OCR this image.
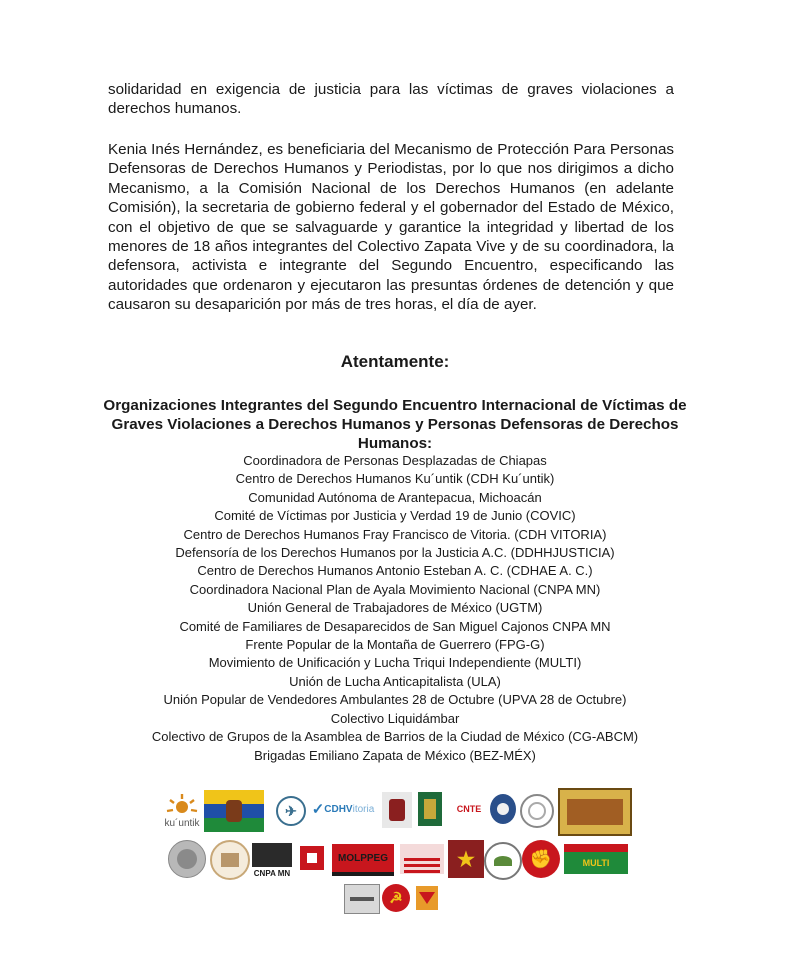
solidaridad en exigencia de justicia para las víctimas de graves violaciones a derechos humanos.

Kenia Inés Hernández, es beneficiaria del Mecanismo de Protección Para Personas Defensoras de Derechos Humanos y Periodistas, por lo que nos dirigimos a dicho Mecanismo, a la Comisión Nacional de los Derechos Humanos (en adelante Comisión), la secretaria de gobierno federal y el gobernador del Estado de México, con el objetivo de que se salvaguarde y garantice la integridad y libertad de los menores de 18 años integrantes del Colectivo Zapata Vive y de su coordinadora, la defensora, activista e integrante del Segundo Encuentro, especificando las autoridades que ordenaron y ejecutaron las presuntas órdenes de detención y que causaron su desaparición por más de tres horas, el día de ayer.

Atentamente:

Organizaciones Integrantes del Segundo Encuentro Internacional de Víctimas de Graves Violaciones a Derechos Humanos y Personas Defensoras de Derechos Humanos:

Coordinadora de Personas Desplazadas de Chiapas
Centro de Derechos Humanos Ku´untik (CDH Ku´untik)
Comunidad Autónoma de Arantepacua, Michoacán
Comité de Víctimas por Justicia y Verdad 19 de Junio (COVIC)
Centro de Derechos Humanos Fray Francisco de Vitoria. (CDH VITORIA)
Defensoría de los Derechos Humanos por la Justicia A.C. (DDHHJUSTICIA)
Centro de Derechos Humanos Antonio Esteban A. C. (CDHAE A. C.)
Coordinadora Nacional Plan de Ayala Movimiento Nacional (CNPA MN)
Unión General de Trabajadores de México (UGTM)
Comité de Familiares de Desaparecidos de San Miguel Cajonos CNPA MN
Frente Popular de la Montaña de Guerrero (FPG-G)
Movimiento de Unificación y Lucha Triqui Independiente (MULTI)
Unión de Lucha Anticapitalista (ULA)
Unión Popular de Vendedores Ambulantes 28 de Octubre (UPVA 28 de Octubre)
Colectivo Liquidámbar
Colectivo de Grupos de la Asamblea de Barrios de la Ciudad de México (CG-ABCM)
Brigadas Emiliano Zapata de México (BEZ-MÉX)
ku´untik
✈ ✓ CDHV itoria	CNTE
CNPA MN
MOLPPEG	★	✊	MULTI
☭
